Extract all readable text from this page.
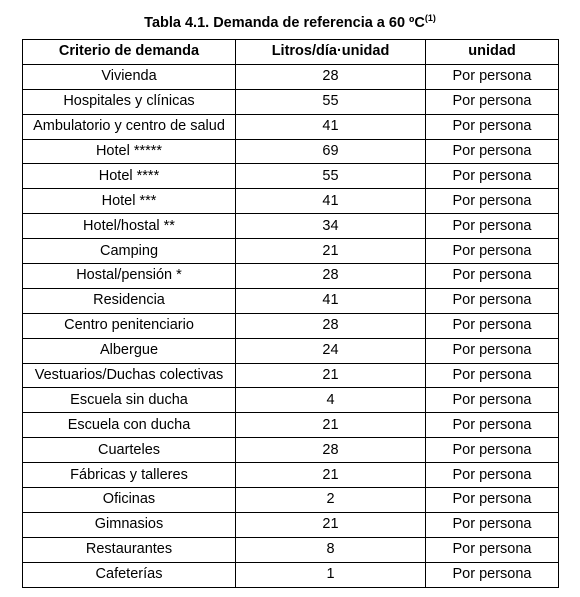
Tabla 4.1. Demanda de referencia a 60 ºC$^{(1)}$
Criterio de demanda	Litros/día·unidad	unidad
Vivienda	28	Por persona
Hospitales y clínicas	55	Por persona
Ambulatorio y centro de salud	41	Por persona
Hotel *****	69	Por persona
Hotel ****	55	Por persona
Hotel ***	41	Por persona
Hotel/hostal **	34	Por persona
Camping	21	Por persona
Hostal/pensión *	28	Por persona
Residencia	41	Por persona
Centro penitenciario	28	Por persona
Albergue	24	Por persona
Vestuarios/Duchas colectivas	21	Por persona
Escuela sin ducha	4	Por persona
Escuela con ducha	21	Por persona
Cuarteles	28	Por persona
Fábricas y talleres	21	Por persona
Oficinas	2	Por persona
Gimnasios	21	Por persona
Restaurantes	8	Por persona
Cafeterías	1	Por persona
